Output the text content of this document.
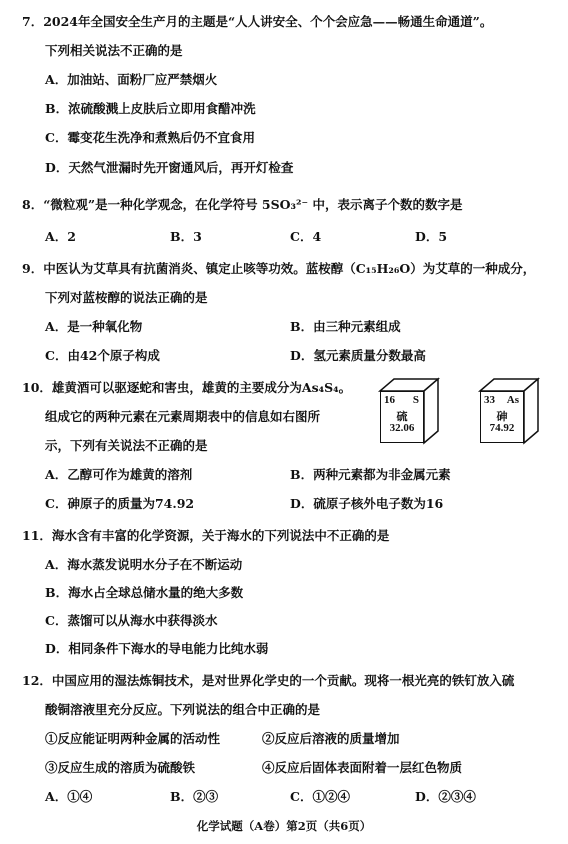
7．2024年全国安全生产月的主题是“人人讲安全、个个会应急——畅通生命通道”。
下列相关说法不正确的是
A．加油站、面粉厂应严禁烟火
B．浓硫酸溅上皮肤后立即用食醋冲洗
C．霉变花生洗净和煮熟后仍不宜食用
D．天然气泄漏时先开窗通风后，再开灯检查
8．“微粒观”是一种化学观念，在化学符号 5SO₃²⁻ 中，表示离子个数的数字是
A．2	B．3	C．4	D．5
9．中医认为艾草具有抗菌消炎、镇定止咳等功效。蓝桉醇（C₁₅H₂₆O）为艾草的一种成分，
下列对蓝桉醇的说法正确的是
A．是一种氧化物	B．由三种元素组成
C．由42个原子构成	D．氢元素质量分数最高
10．雄黄酒可以驱逐蛇和害虫，雄黄的主要成分为As₄S₄。
组成它的两种元素在元素周期表中的信息如右图所
示，下列有关说法不正确的是
16 S
硫
32.06
33 As
砷
74.92
A．乙醇可作为雄黄的溶剂	B．两种元素都为非金属元素
C．砷原子的质量为74.92	D．硫原子核外电子数为16
11．海水含有丰富的化学资源，关于海水的下列说法中不正确的是
A．海水蒸发说明水分子在不断运动
B．海水占全球总储水量的绝大多数
C．蒸馏可以从海水中获得淡水
D．相同条件下海水的导电能力比纯水弱
12．中国应用的湿法炼铜技术，是对世界化学史的一个贡献。现将一根光亮的铁钉放入硫
酸铜溶液里充分反应。下列说法的组合中正确的是
①反应能证明两种金属的活动性	②反应后溶液的质量增加
③反应生成的溶质为硫酸铁	④反应后固体表面附着一层红色物质
A．①④	B．②③	C．①②④	D．②③④
化学试题（A卷）第2页（共6页）
